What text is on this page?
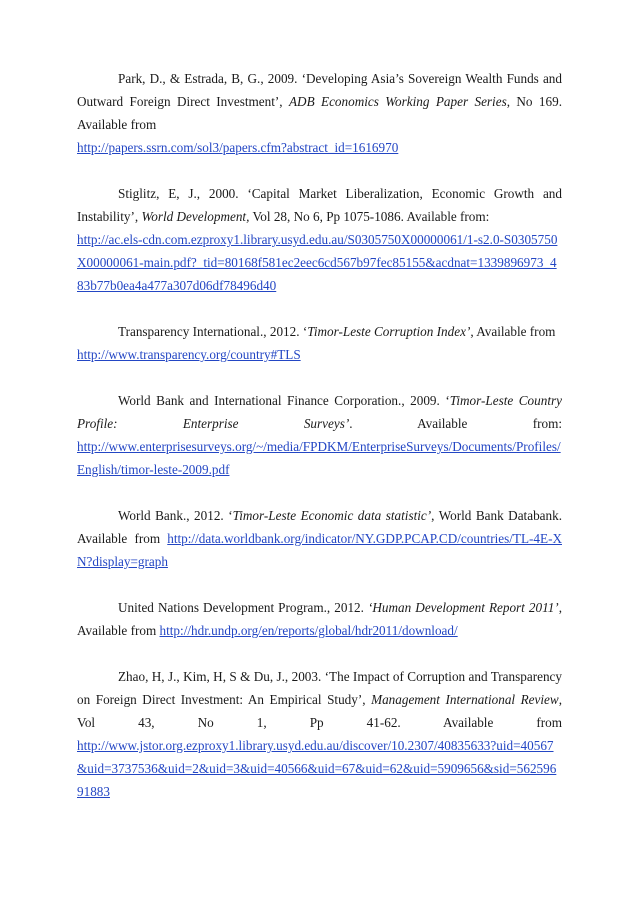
Park, D., & Estrada, B, G., 2009. ‘Developing Asia’s Sovereign Wealth Funds and Outward Foreign Direct Investment’, ADB Economics Working Paper Series, No 169. Available from

http://papers.ssrn.com/sol3/papers.cfm?abstract_id=1616970

Stiglitz, E, J., 2000. ‘Capital Market Liberalization, Economic Growth and Instability’, World Development, Vol 28, No 6, Pp 1075-1086. Available from:

http://ac.els-cdn.com.ezproxy1.library.usyd.edu.au/S0305750X00000061/1-s2.0-S0305750X00000061-main.pdf?_tid=80168f581ec2eec6cd567b97fec85155&acdnat=1339896973_483b77b0ea4a477a307d06df78496d40

Transparency International., 2012. ‘Timor-Leste Corruption Index’, Available from

http://www.transparency.org/country#TLS

World Bank and International Finance Corporation., 2009. ‘Timor-Leste Country Profile: Enterprise Surveys’. Available from:

http://www.enterprisesurveys.org/~/media/FPDKM/EnterpriseSurveys/Documents/Profiles/English/timor-leste-2009.pdf

World Bank., 2012. ‘Timor-Leste Economic data statistic’, World Bank Databank. Available from http://data.worldbank.org/indicator/NY.GDP.PCAP.CD/countries/TL-4E-XN?display=graph

United Nations Development Program., 2012. ‘Human Development Report 2011’, Available from http://hdr.undp.org/en/reports/global/hdr2011/download/

Zhao, H, J., Kim, H, S & Du, J., 2003. ‘The Impact of Corruption and Transparency on Foreign Direct Investment: An Empirical Study’, Management International Review, Vol 43, No 1, Pp 41-62. Available from

http://www.jstor.org.ezproxy1.library.usyd.edu.au/discover/10.2307/40835633?uid=40567&uid=3737536&uid=2&uid=3&uid=40566&uid=67&uid=62&uid=5909656&sid=56259691883
